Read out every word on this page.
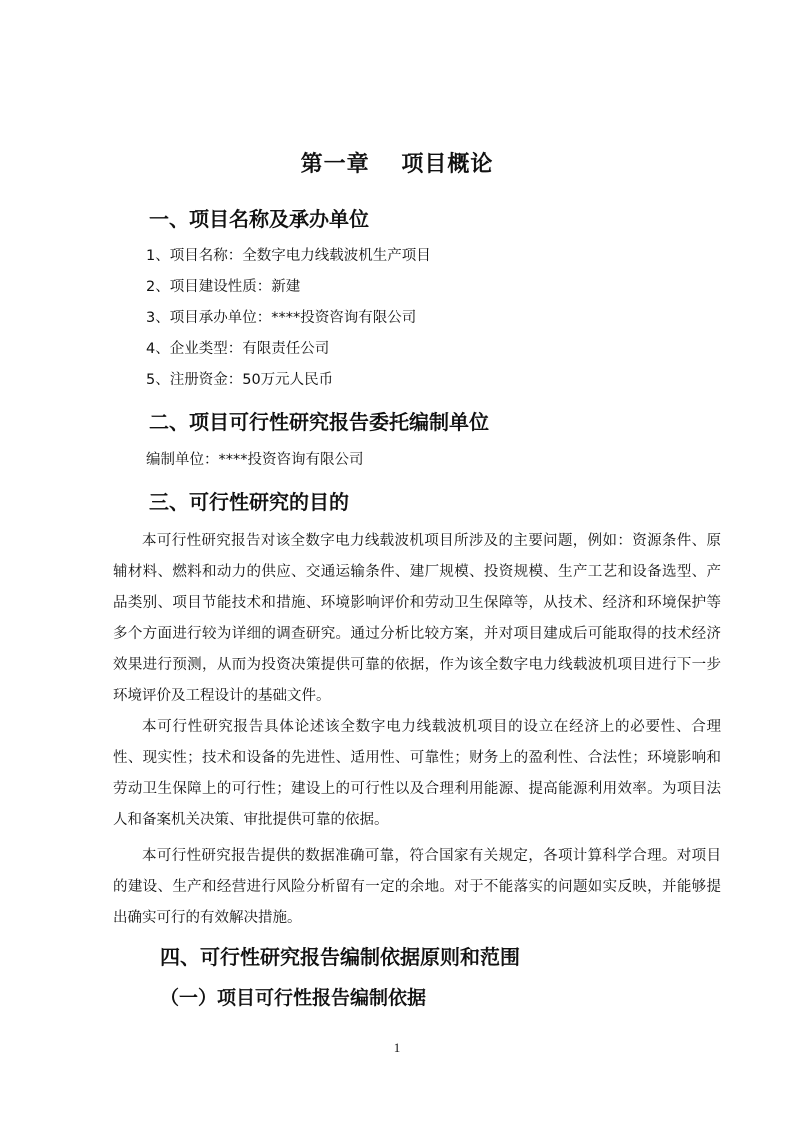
第一章　 项目概论
一、项目名称及承办单位
1、项目名称：全数字电力线载波机生产项目
2、项目建设性质：新建
3、项目承办单位：****投资咨询有限公司
4、企业类型：有限责任公司
5、注册资金：50万元人民币
二、项目可行性研究报告委托编制单位
编制单位：****投资咨询有限公司
三、可行性研究的目的
本可行性研究报告对该全数字电力线载波机项目所涉及的主要问题，例如：资源条件、原辅材料、燃料和动力的供应、交通运输条件、建厂规模、投资规模、生产工艺和设备选型、产品类别、项目节能技术和措施、环境影响评价和劳动卫生保障等，从技术、经济和环境保护等多个方面进行较为详细的调查研究。通过分析比较方案，并对项目建成后可能取得的技术经济效果进行预测，从而为投资决策提供可靠的依据，作为该全数字电力线载波机项目进行下一步环境评价及工程设计的基础文件。
本可行性研究报告具体论述该全数字电力线载波机项目的设立在经济上的必要性、合理性、现实性；技术和设备的先进性、适用性、可靠性；财务上的盈利性、合法性；环境影响和劳动卫生保障上的可行性；建设上的可行性以及合理利用能源、提高能源利用效率。为项目法人和备案机关决策、审批提供可靠的依据。
本可行性研究报告提供的数据准确可靠，符合国家有关规定，各项计算科学合理。对项目的建设、生产和经营进行风险分析留有一定的余地。对于不能落实的问题如实反映，并能够提出确实可行的有效解决措施。
四、可行性研究报告编制依据原则和范围
（一）项目可行性报告编制依据
1
